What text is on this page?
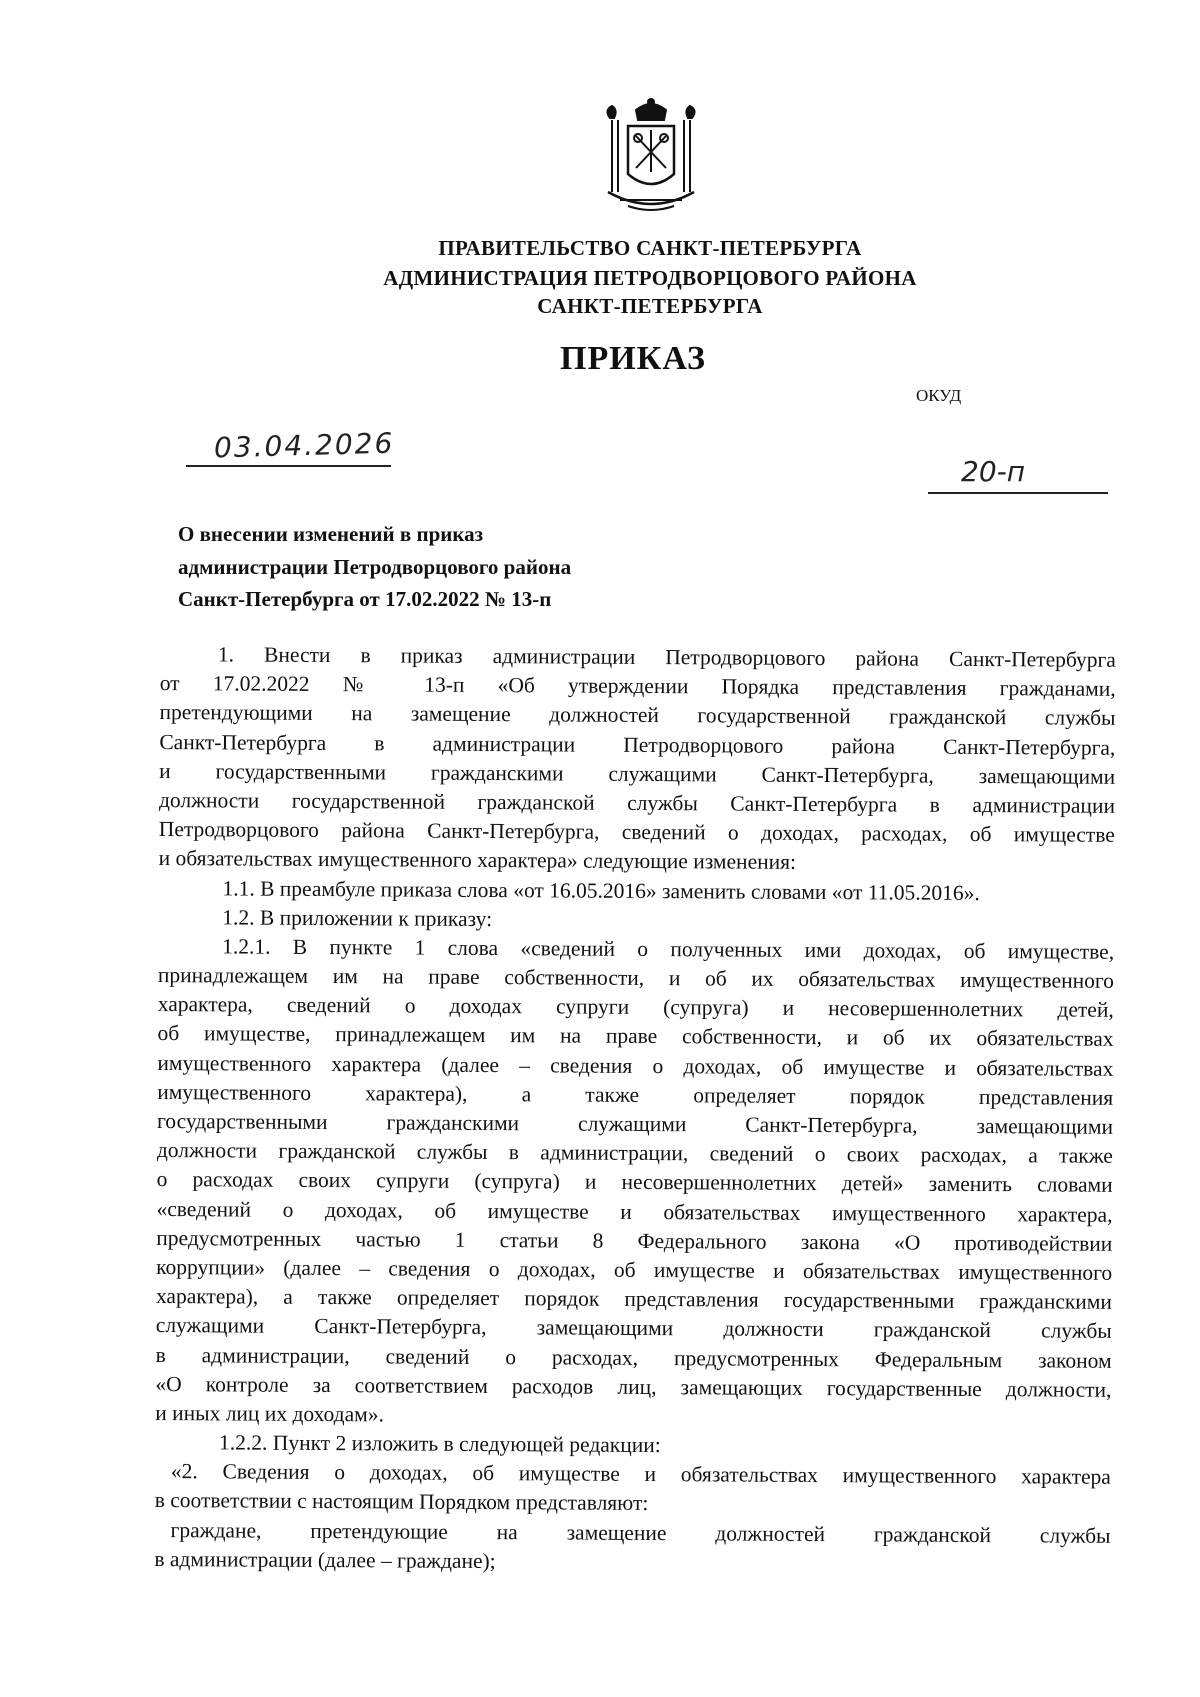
ПРАВИТЕЛЬСТВО САНКТ-ПЕТЕРБУРГА
АДМИНИСТРАЦИЯ ПЕТРОДВОРЦОВОГО РАЙОНА
САНКТ-ПЕТЕРБУРГА
ПРИКАЗ
ОКУД
03.04.2026
20-п
О внесении изменений в приказ
администрации Петродворцового района
Санкт-Петербурга от 17.02.2022 № 13-п
1. Внести в приказ администрации Петродворцового района Санкт-Петербурга
от 17.02.2022 № 13-п «Об утверждении Порядка представления гражданами,
претендующими на замещение должностей государственной гражданской службы
Санкт-Петербурга в администрации Петродворцового района Санкт-Петербурга,
и государственными гражданскими служащими Санкт-Петербурга, замещающими
должности государственной гражданской службы Санкт-Петербурга в администрации
Петродворцового района Санкт-Петербурга, сведений о доходах, расходах, об имуществе
и обязательствах имущественного характера» следующие изменения:
1.1. В преамбуле приказа слова «от 16.05.2016» заменить словами «от 11.05.2016».
1.2. В приложении к приказу:
1.2.1. В пункте 1 слова «сведений о полученных ими доходах, об имуществе,
принадлежащем им на праве собственности, и об их обязательствах имущественного
характера, сведений о доходах супруги (супруга) и несовершеннолетних детей,
об имуществе, принадлежащем им на праве собственности, и об их обязательствах
имущественного характера (далее – сведения о доходах, об имуществе и обязательствах
имущественного характера), а также определяет порядок представления
государственными гражданскими служащими Санкт-Петербурга, замещающими
должности гражданской службы в администрации, сведений о своих расходах, а также
о расходах своих супруги (супруга) и несовершеннолетних детей» заменить словами
«сведений о доходах, об имуществе и обязательствах имущественного характера,
предусмотренных частью 1 статьи 8 Федерального закона «О противодействии
коррупции» (далее – сведения о доходах, об имуществе и обязательствах имущественного
характера), а также определяет порядок представления государственными гражданскими
служащими Санкт-Петербурга, замещающими должности гражданской службы
в администрации, сведений о расходах, предусмотренных Федеральным законом
«О контроле за соответствием расходов лиц, замещающих государственные должности,
и иных лиц их доходам».
1.2.2. Пункт 2 изложить в следующей редакции:
«2. Сведения о доходах, об имуществе и обязательствах имущественного характера
в соответствии с настоящим Порядком представляют:
граждане, претендующие на замещение должностей гражданской службы
в администрации (далее – граждане);
